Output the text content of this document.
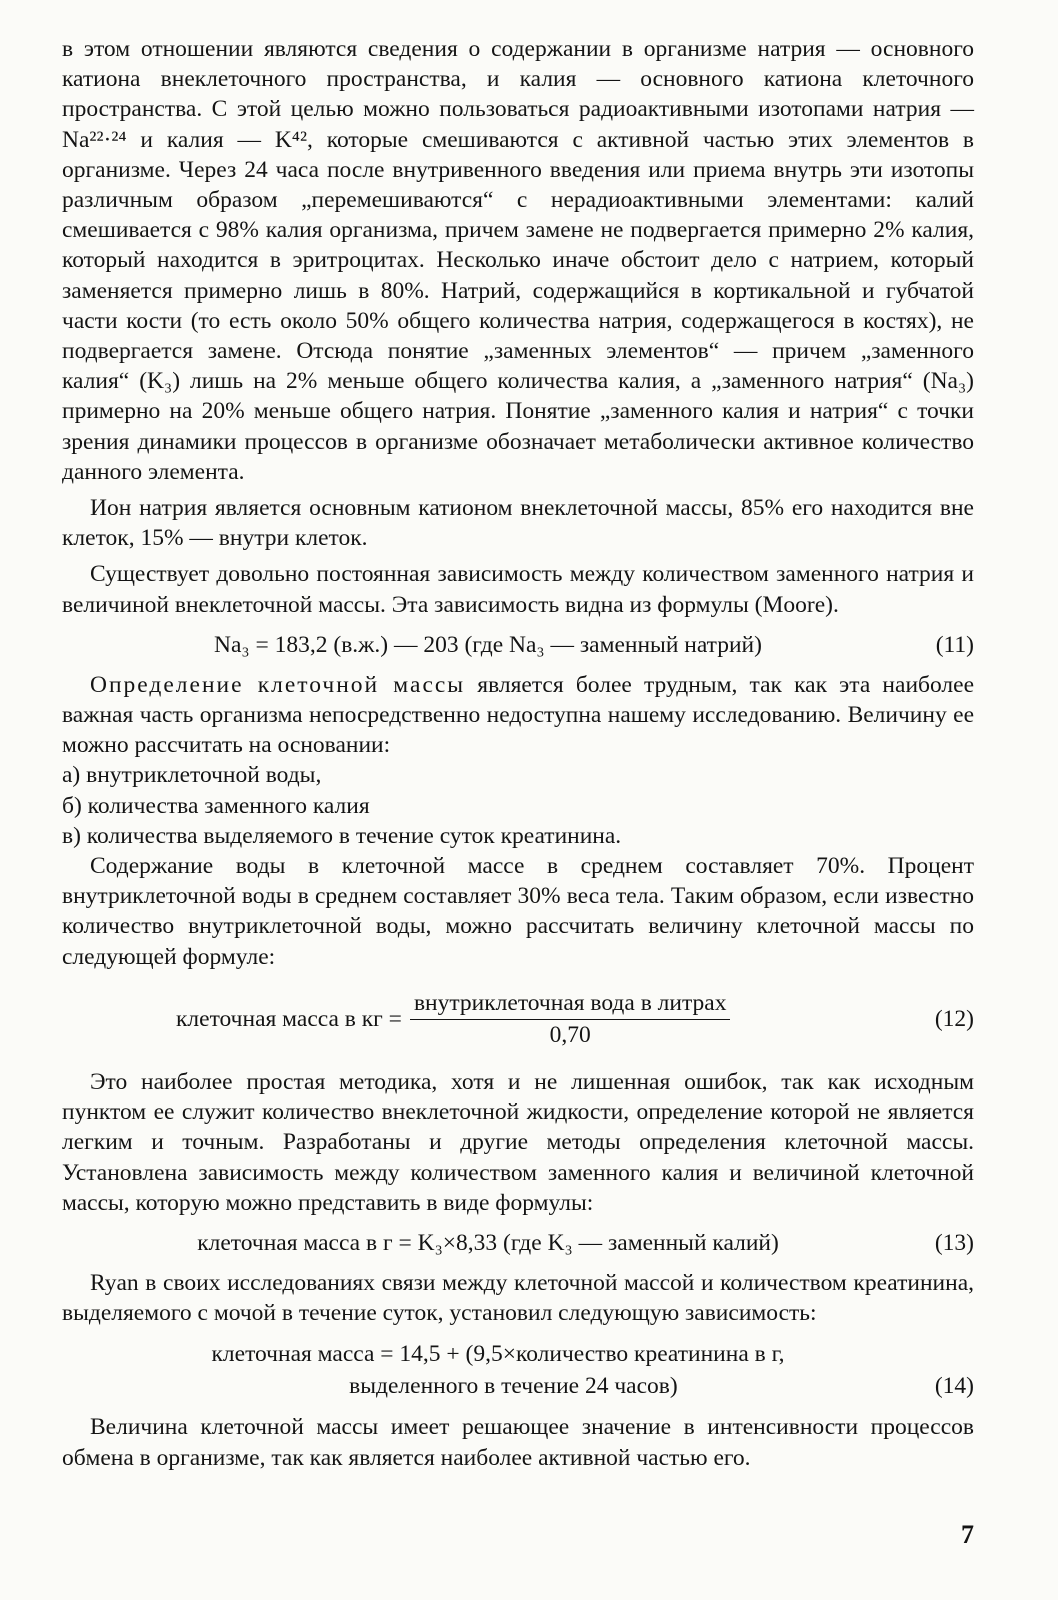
в этом отношении являются сведения о содержании в организме натрия — основного катиона внеклеточного пространства, и калия — основного катиона клеточного пространства. С этой целью можно пользоваться радиоактивными изотопами натрия — Na²²·²⁴ и калия — K⁴², которые смешиваются с активной частью этих элементов в организме. Через 24 часа после внутривенного введения или приема внутрь эти изотопы различным образом „перемешиваются“ с нерадиоактивными элементами: калий смешивается с 98% калия организма, причем замене не подвергается примерно 2% калия, который находится в эритроцитах. Несколько иначе обстоит дело с натрием, который заменяется примерно лишь в 80%. Натрий, содержащийся в кортикальной и губчатой части кости (то есть около 50% общего количества натрия, содержащегося в костях), не подвергается замене. Отсюда понятие „заменных элементов“ — причем „заменного калия“ (K₃) лишь на 2% меньше общего количества калия, а „заменного натрия“ (Na₃) примерно на 20% меньше общего натрия. Понятие „заменного калия и натрия“ с точки зрения динамики процессов в организме обозначает метаболически активное количество данного элемента.

Ион натрия является основным катионом внеклеточной массы, 85% его находится вне клеток, 15% — внутри клеток.

Существует довольно постоянная зависимость между количеством заменного натрия и величиной внеклеточной массы. Эта зависимость видна из формулы (Moore).

Na₃ = 183,2 (в.ж.) — 203 (где Na₃ — заменный натрий)	(11)

Определение клеточной массы является более трудным, так как эта наиболее важная часть организма непосредственно недоступна нашему исследованию. Величину ее можно рассчитать на основании:

а) внутриклеточной воды,

б) количества заменного калия

в) количества выделяемого в течение суток креатинина.

Содержание воды в клеточной массе в среднем составляет 70%. Процент внутриклеточной воды в среднем составляет 30% веса тела. Таким образом, если известно количество внутриклеточной воды, можно рассчитать величину клеточной массы по следующей формуле:

клеточная масса в кг = $\frac{\text{внутриклеточная вода в литрах}}{0,70}$	(12)

Это наиболее простая методика, хотя и не лишенная ошибок, так как исходным пунктом ее служит количество внеклеточной жидкости, определение которой не является легким и точным. Разработаны и другие методы определения клеточной массы. Установлена зависимость между количеством заменного калия и величиной клеточной массы, которую можно представить в виде формулы:

клеточная масса в г = K₃×8,33 (где K₃ — заменный калий)	(13)

Ryan в своих исследованиях связи между клеточной массой и количеством креатинина, выделяемого с мочой в течение суток, установил следующую зависимость:

клеточная масса = 14,5 + (9,5×количество креатинина в г,
выделенного в течение 24 часов)	(14)

Величина клеточной массы имеет решающее значение в интенсивности процессов обмена в организме, так как является наиболее активной частью его.

7
